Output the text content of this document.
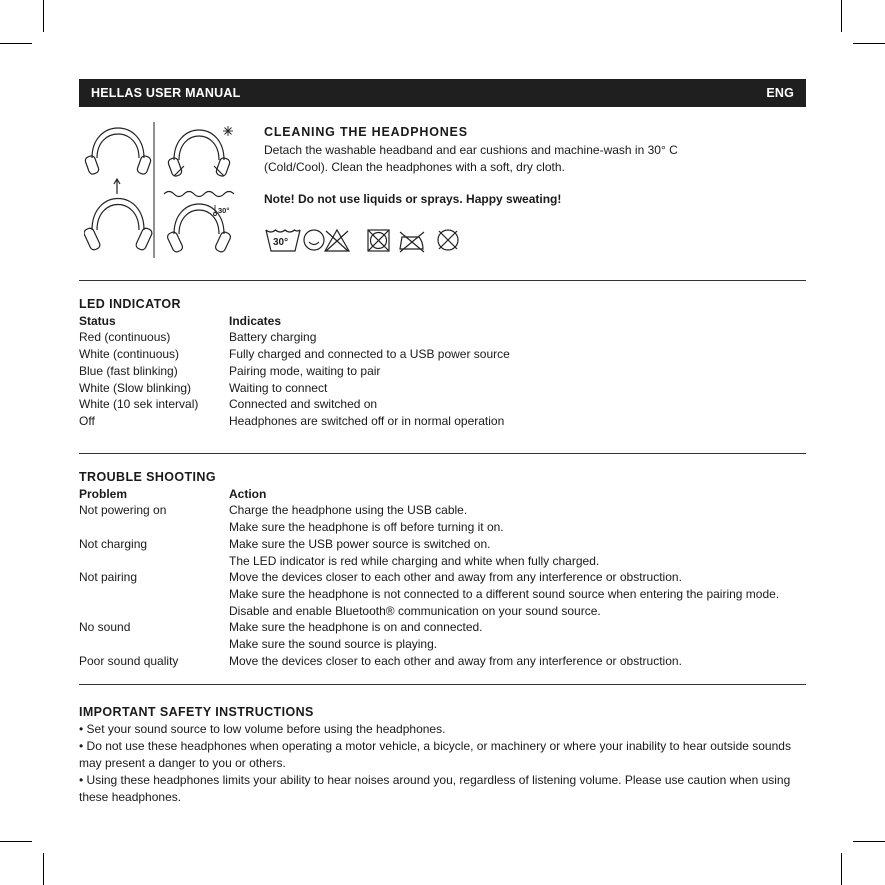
HELLAS USER MANUAL	ENG
30°
CLEANING THE HEADPHONES
Detach the washable headband and ear cushions and machine-wash in 30° C
(Cold/Cool). Clean the headphones with a soft, dry cloth.
Note! Do not use liquids or sprays. Happy sweating!
30°
LED INDICATOR
Status	Indicates
Red (continuous)	Battery charging
White (continuous)	Fully charged and connected to a USB power source
Blue (fast blinking)	Pairing mode, waiting to pair
White (Slow blinking)	Waiting to connect
White (10 sek interval)	Connected and switched on
Off	Headphones are switched off or in normal operation
TROUBLE SHOOTING
Problem	Action
Not powering on	Charge the headphone using the USB cable.
Make sure the headphone is off before turning it on.
Not charging	Make sure the USB power source is switched on.
The LED indicator is red while charging and white when fully charged.
Not pairing	Move the devices closer to each other and away from any interference or obstruction.
Make sure the headphone is not connected to a different sound source when entering the pairing mode.
Disable and enable Bluetooth® communication on your sound source.
No sound	Make sure the headphone is on and connected.
Make sure the sound source is playing.
Poor sound quality	Move the devices closer to each other and away from any interference or obstruction.
IMPORTANT SAFETY INSTRUCTIONS
• Set your sound source to low volume before using the headphones.
• Do not use these headphones when operating a motor vehicle, a bicycle, or machinery or where your inability to hear outside sounds may present a danger to you or others.
• Using these headphones limits your ability to hear noises around you, regardless of listening volume. Please use caution when using these headphones.
